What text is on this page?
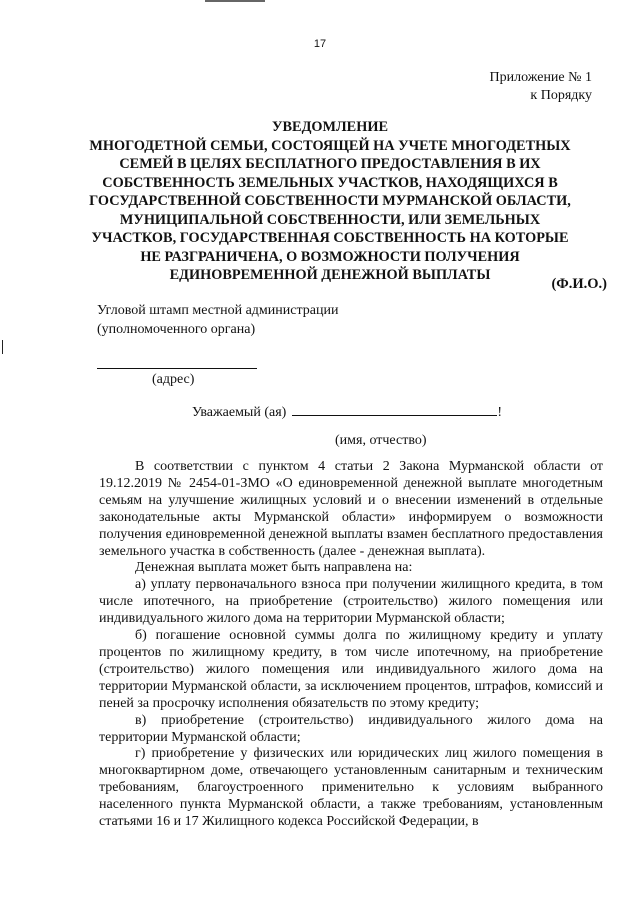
17
Приложение № 1
к Порядку
УВЕДОМЛЕНИЕ
МНОГОДЕТНОЙ СЕМЬИ, СОСТОЯЩЕЙ НА УЧЕТЕ МНОГОДЕТНЫХ СЕМЕЙ В ЦЕЛЯХ БЕСПЛАТНОГО ПРЕДОСТАВЛЕНИЯ В ИХ СОБСТВЕННОСТЬ ЗЕМЕЛЬНЫХ УЧАСТКОВ, НАХОДЯЩИХСЯ В ГОСУДАРСТВЕННОЙ СОБСТВЕННОСТИ МУРМАНСКОЙ ОБЛАСТИ, МУНИЦИПАЛЬНОЙ СОБСТВЕННОСТИ, ИЛИ ЗЕМЕЛЬНЫХ УЧАСТКОВ, ГОСУДАРСТВЕННАЯ СОБСТВЕННОСТЬ НА КОТОРЫЕ НЕ РАЗГРАНИЧЕНА, О ВОЗМОЖНОСТИ ПОЛУЧЕНИЯ ЕДИНОВРЕМЕННОЙ ДЕНЕЖНОЙ ВЫПЛАТЫ
(Ф.И.О.)
Угловой штамп местной администрации
(уполномоченного органа)
(адрес)
Уважаемый (ая)	!
(имя, отчество)

В соответствии с пунктом 4 статьи 2 Закона Мурманской области от 19.12.2019 № 2454-01-ЗМО «О единовременной денежной выплате многодетным семьям на улучшение жилищных условий и о внесении изменений в отдельные законодательные акты Мурманской области» информируем о возможности получения единовременной денежной выплаты взамен бесплатного предоставления земельного участка в собственность (далее - денежная выплата).

Денежная выплата может быть направлена на:

а) уплату первоначального взноса при получении жилищного кредита, в том числе ипотечного, на приобретение (строительство) жилого помещения или индивидуального жилого дома на территории Мурманской области;

б) погашение основной суммы долга по жилищному кредиту и уплату процентов по жилищному кредиту, в том числе ипотечному, на приобретение (строительство) жилого помещения или индивидуального жилого дома на территории Мурманской области, за исключением процентов, штрафов, комиссий и пеней за просрочку исполнения обязательств по этому кредиту;

в) приобретение (строительство) индивидуального жилого дома на территории Мурманской области;

г) приобретение у физических или юридических лиц жилого помещения в многоквартирном доме, отвечающего установленным санитарным и техническим требованиям, благоустроенного применительно к условиям выбранного населенного пункта Мурманской области, а также требованиям, установленным статьями 16 и 17 Жилищного кодекса Российской Федерации, в
